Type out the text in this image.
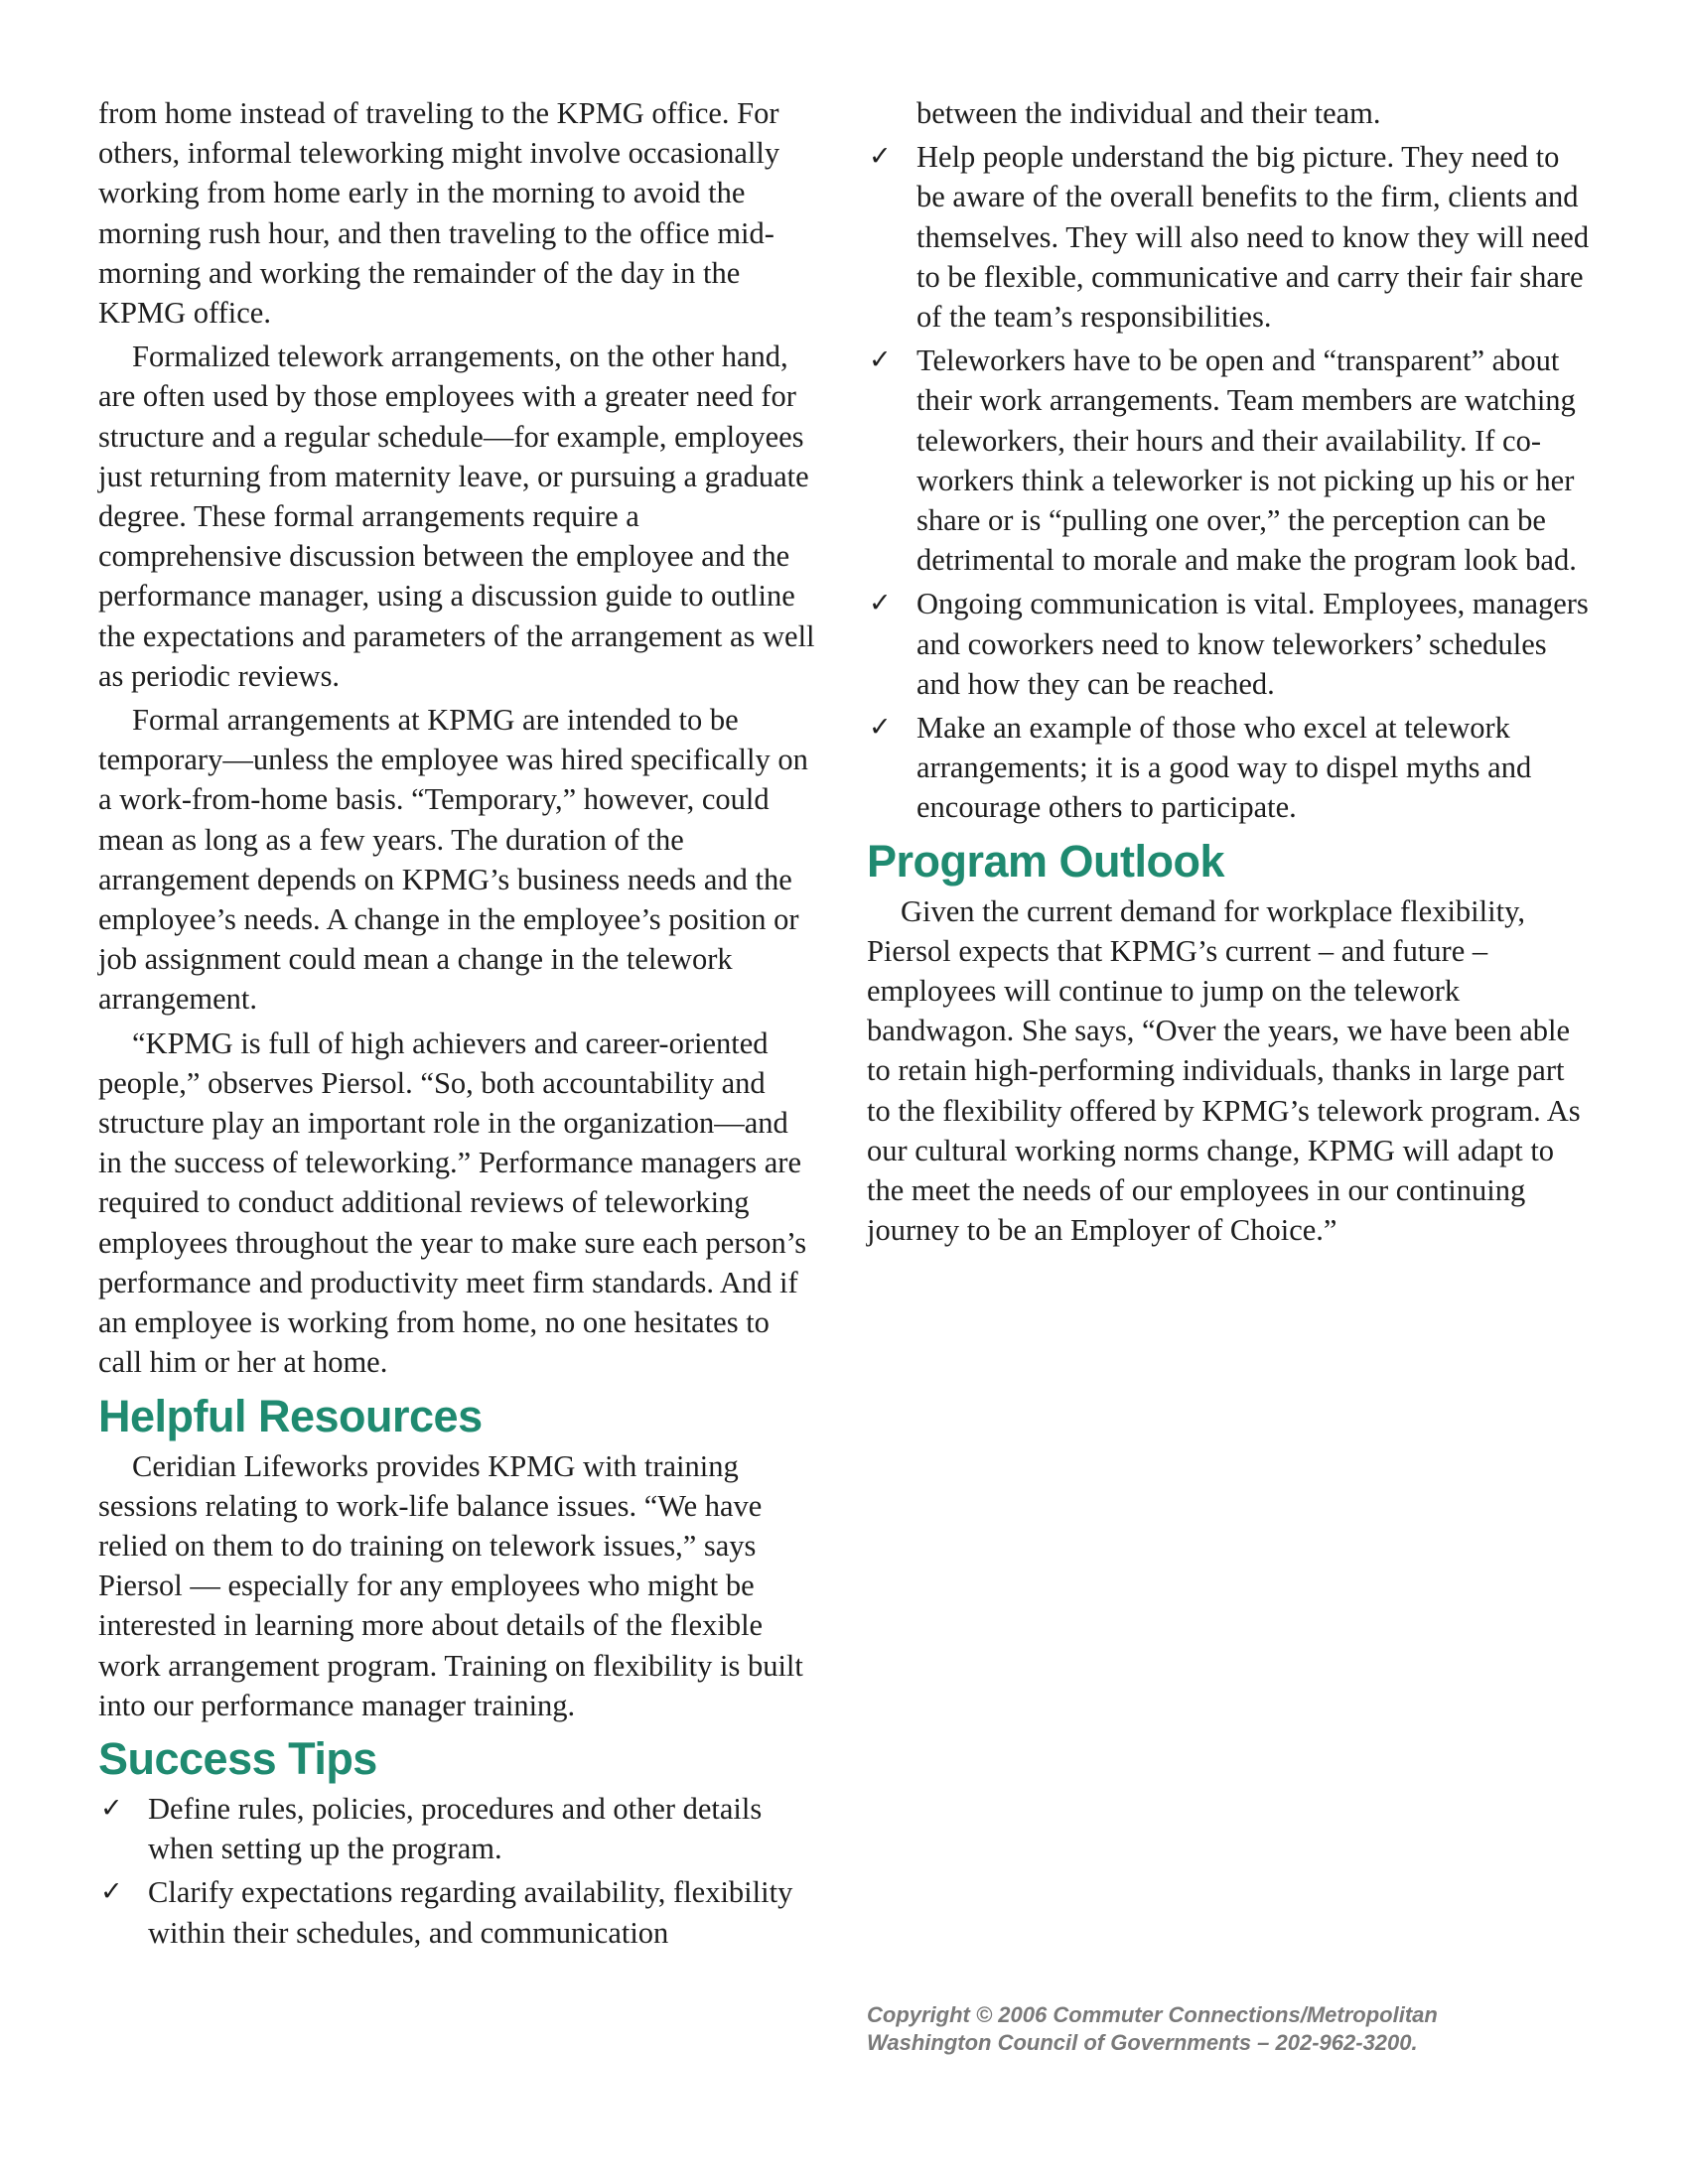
from home instead of traveling to the KPMG office. For others, informal teleworking might involve occasionally working from home early in the morning to avoid the morning rush hour, and then traveling to the office mid-morning and working the remainder of the day in the KPMG office.

Formalized telework arrangements, on the other hand, are often used by those employees with a greater need for structure and a regular schedule—for example, employees just returning from maternity leave, or pursuing a graduate degree. These formal arrangements require a comprehensive discussion between the employee and the performance manager, using a discussion guide to outline the expectations and parameters of the arrangement as well as periodic reviews.

Formal arrangements at KPMG are intended to be temporary—unless the employee was hired specifically on a work-from-home basis. “Temporary,” however, could mean as long as a few years. The duration of the arrangement depends on KPMG’s business needs and the employee’s needs. A change in the employee’s position or job assignment could mean a change in the telework arrangement.

“KPMG is full of high achievers and career-oriented people,” observes Piersol. “So, both accountability and structure play an important role in the organization—and in the success of teleworking.” Performance managers are required to conduct additional reviews of teleworking employees throughout the year to make sure each person’s performance and productivity meet firm standards. And if an employee is working from home, no one hesitates to call him or her at home.

Helpful Resources

Ceridian Lifeworks provides KPMG with training sessions relating to work-life balance issues. “We have relied on them to do training on telework issues,” says Piersol — especially for any employees who might be interested in learning more about details of the flexible work arrangement program. Training on flexibility is built into our performance manager training.

Success Tips
✓ Define rules, policies, procedures and other details when setting up the program.
✓ Clarify expectations regarding availability, flexibility within their schedules, and communication
between the individual and their team.
✓ Help people understand the big picture. They need to be aware of the overall benefits to the firm, clients and themselves. They will also need to know they will need to be flexible, communicative and carry their fair share of the team’s responsibilities.
✓ Teleworkers have to be open and “transparent” about their work arrangements. Team members are watching teleworkers, their hours and their availability. If co-workers think a teleworker is not picking up his or her share or is “pulling one over,” the perception can be detrimental to morale and make the program look bad.
✓ Ongoing communication is vital. Employees, managers and coworkers need to know teleworkers’ schedules and how they can be reached.
✓ Make an example of those who excel at telework arrangements; it is a good way to dispel myths and encourage others to participate.
Program Outlook

Given the current demand for workplace flexibility, Piersol expects that KPMG’s current – and future – employees will continue to jump on the telework bandwagon. She says, “Over the years, we have been able to retain high-performing individuals, thanks in large part to the flexibility offered by KPMG’s telework program. As our cultural working norms change, KPMG will adapt to the meet the needs of our employees in our continuing journey to be an Employer of Choice.”

Copyright © 2006 Commuter Connections/Metropolitan
Washington Council of Governments – 202-962-3200.
